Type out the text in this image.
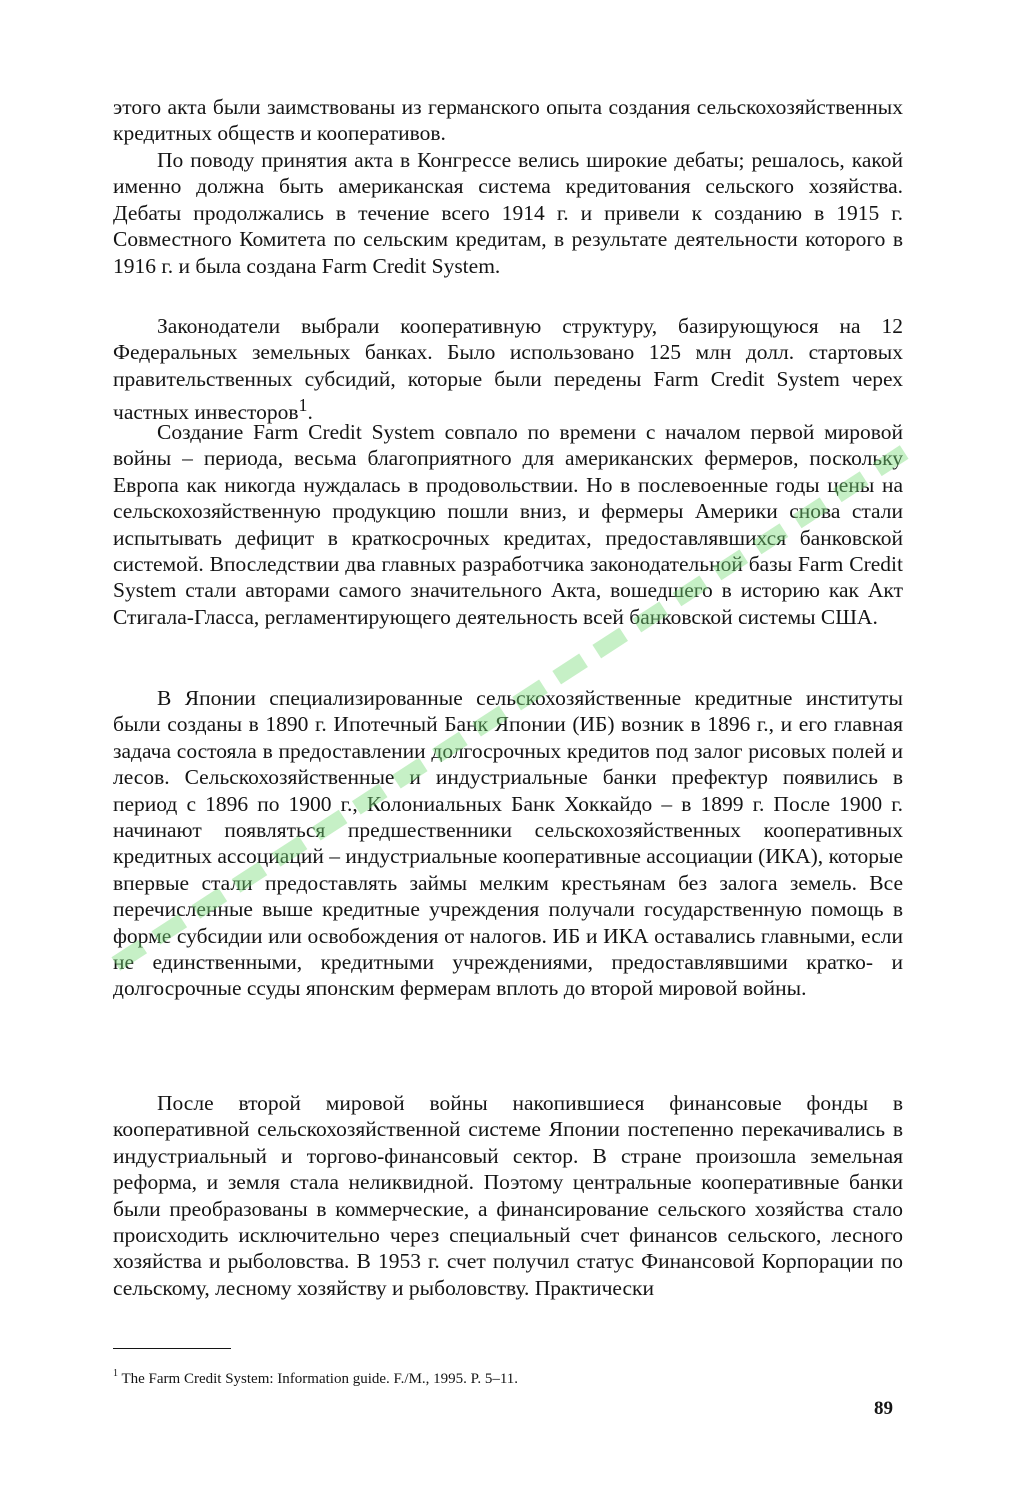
этого акта были заимствованы из германского опыта создания сельскохозяйственных кредитных обществ и кооперативов.

По поводу принятия акта в Конгрессе велись широкие дебаты; решалось, какой именно должна быть американская система кредитования сельского хозяйства. Дебаты продолжались в течение всего 1914 г. и привели к созданию в 1915 г. Совместного Комитета по сельским кредитам, в результате деятельности которого в 1916 г. и была создана Farm Credit System.

Законодатели выбрали кооперативную структуру, базирующуюся на 12 Федеральных земельных банках. Было использовано 125 млн долл. стартовых правительственных субсидий, которые были передены Farm Credit System черех частных инвесторов$^1$.

Создание Farm Credit System совпало по времени с началом первой мировой войны – периода, весьма благоприятного для американских фермеров, поскольку Европа как никогда нуждалась в продовольствии. Но в послевоенные годы цены на сельскохозяйственную продукцию пошли вниз, и фермеры Америки снова стали испытывать дефицит в краткосрочных кредитах, предоставлявшихся банковской системой. Впоследствии два главных разработчика законодательной базы Farm Credit System стали авторами самого значительного Акта, вошедшего в историю как Акт Стигала-Гласса, регламентирующего деятельность всей банковской системы США.

В Японии специализированные сельскохозяйственные кредитные институты были созданы в 1890 г. Ипотечный Банк Японии (ИБ) возник в 1896 г., и его главная задача состояла в предоставлении долгосрочных кредитов под залог рисовых полей и лесов. Сельскохозяйственные и индустриальные банки префектур появились в период с 1896 по 1900 г., Колониальных Банк Хоккайдо – в 1899 г. После 1900 г. начинают появляться предшественники сельскохозяйственных кооперативных кредитных ассоциаций – индустриальные кооперативные ассоциации (ИКА), которые впервые стали предоставлять займы мелким крестьянам без залога земель. Все перечисленные выше кредитные учреждения получали государственную помощь в форме субсидии или освобождения от налогов. ИБ и ИКА оставались главными, если не единственными, кредитными учреждениями, предоставлявшими кратко- и долгосрочные ссуды японским фермерам вплоть до второй мировой войны.

После второй мировой войны накопившиеся финансовые фонды в кооперативной сельскохозяйственной системе Японии постепенно перекачивались в индустриальный и торгово-финансовый сектор. В стране произошла земельная реформа, и земля стала неликвидной. Поэтому центральные кооперативные банки были преобразованы в коммерческие, а финансирование сельского хозяйства стало происходить исключительно через специальный счет финансов сельского, лесного хозяйства и рыболовства. В 1953 г. счет получил статус Финансовой Корпорации по сельскому, лесному хозяйству и рыболовству. Практически

$^1$ The Farm Credit System: Information guide. F./M., 1995. P. 5–11.
89
